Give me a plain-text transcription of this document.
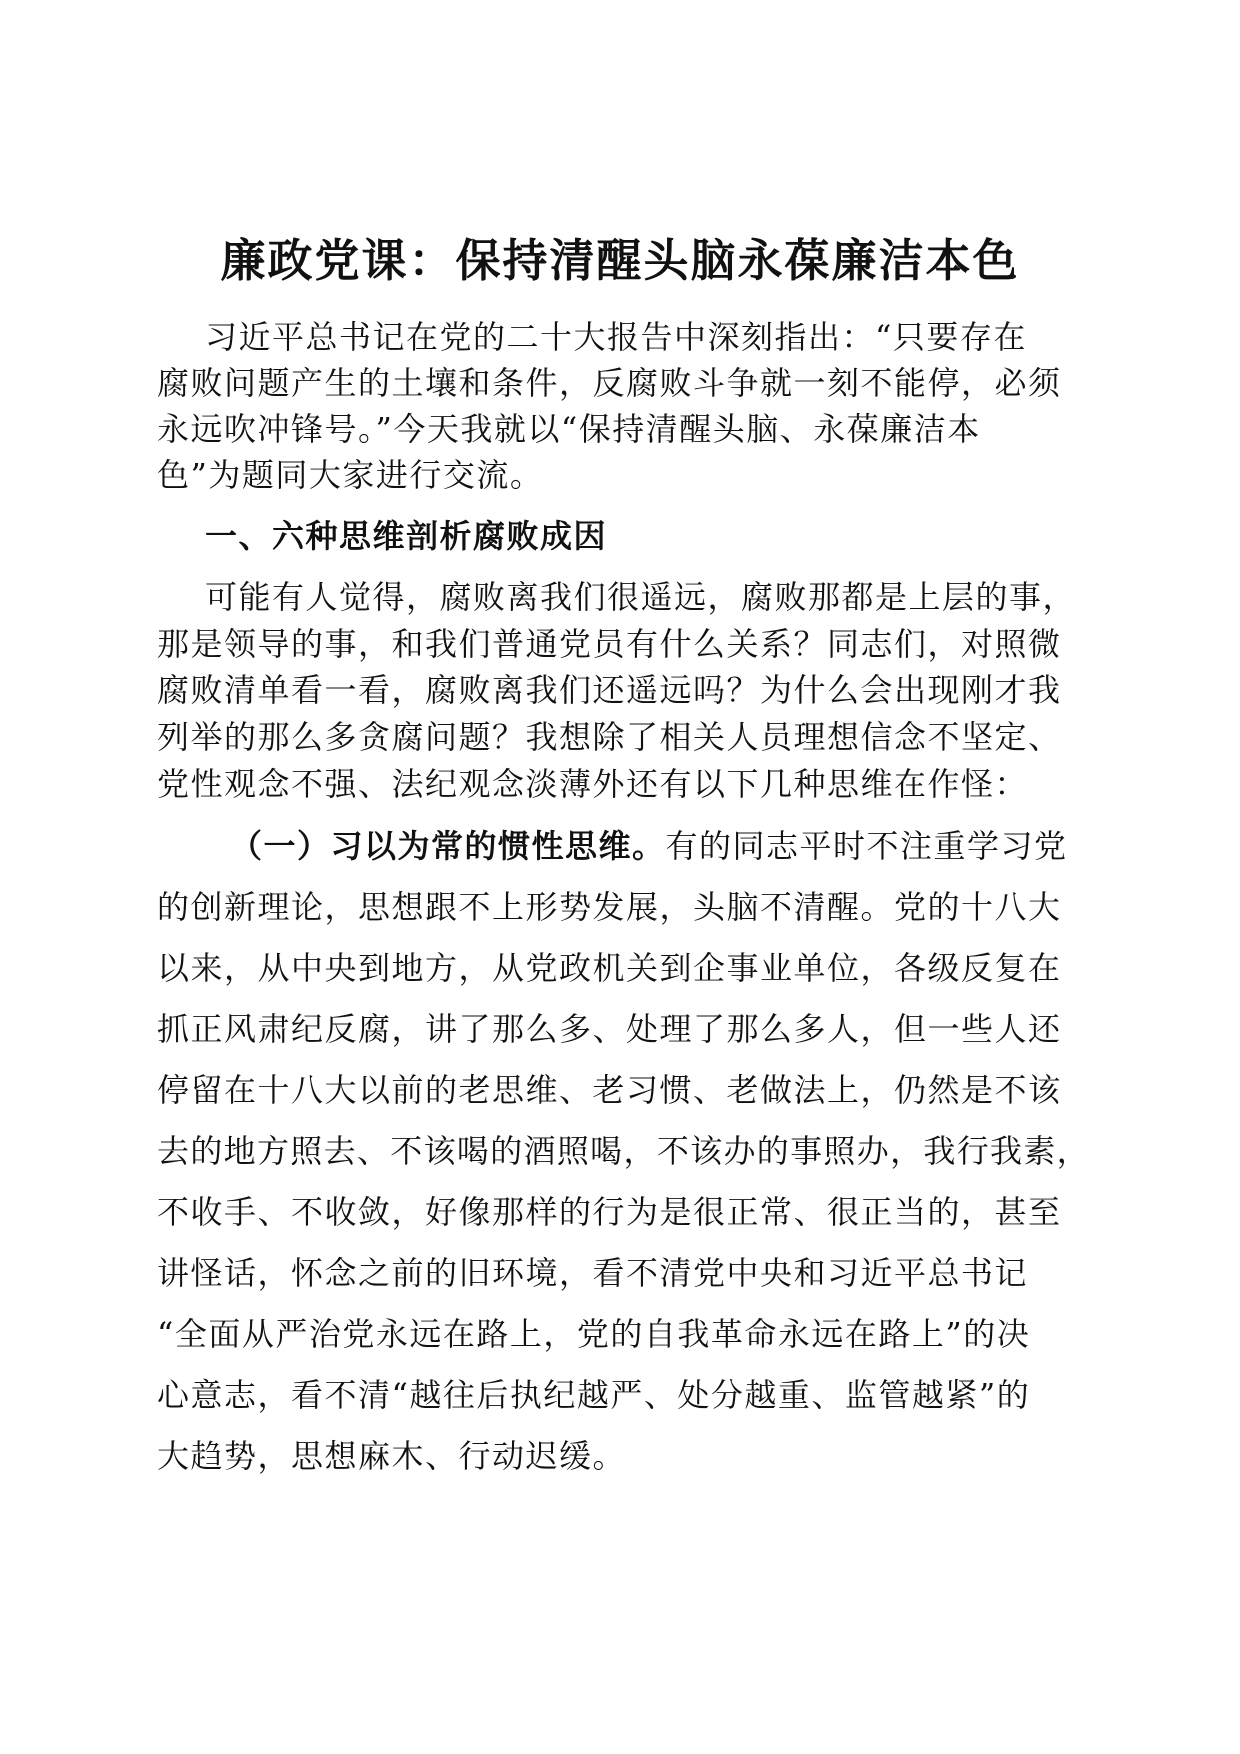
廉政党课：保持清醒头脑永葆廉洁本色
习近平总书记在党的二十大报告中深刻指出：“只要存在
腐败问题产生的土壤和条件，反腐败斗争就一刻不能停，必须
永远吹冲锋号。”今天我就以“保持清醒头脑、永葆廉洁本
色”为题同大家进行交流。
一、六种思维剖析腐败成因
可能有人觉得，腐败离我们很遥远，腐败那都是上层的事，
那是领导的事，和我们普通党员有什么关系？同志们，对照微
腐败清单看一看，腐败离我们还遥远吗？为什么会出现刚才我
列举的那么多贪腐问题？我想除了相关人员理想信念不坚定、
党性观念不强、法纪观念淡薄外还有以下几种思维在作怪：
（一）习以为常的惯性思维。有的同志平时不注重学习党
的创新理论，思想跟不上形势发展，头脑不清醒。党的十八大
以来，从中央到地方，从党政机关到企事业单位，各级反复在
抓正风肃纪反腐，讲了那么多、处理了那么多人，但一些人还
停留在十八大以前的老思维、老习惯、老做法上，仍然是不该
去的地方照去、不该喝的酒照喝，不该办的事照办，我行我素，
不收手、不收敛，好像那样的行为是很正常、很正当的，甚至
讲怪话，怀念之前的旧环境，看不清党中央和习近平总书记
“全面从严治党永远在路上，党的自我革命永远在路上”的决
心意志，看不清“越往后执纪越严、处分越重、监管越紧”的
大趋势，思想麻木、行动迟缓。
